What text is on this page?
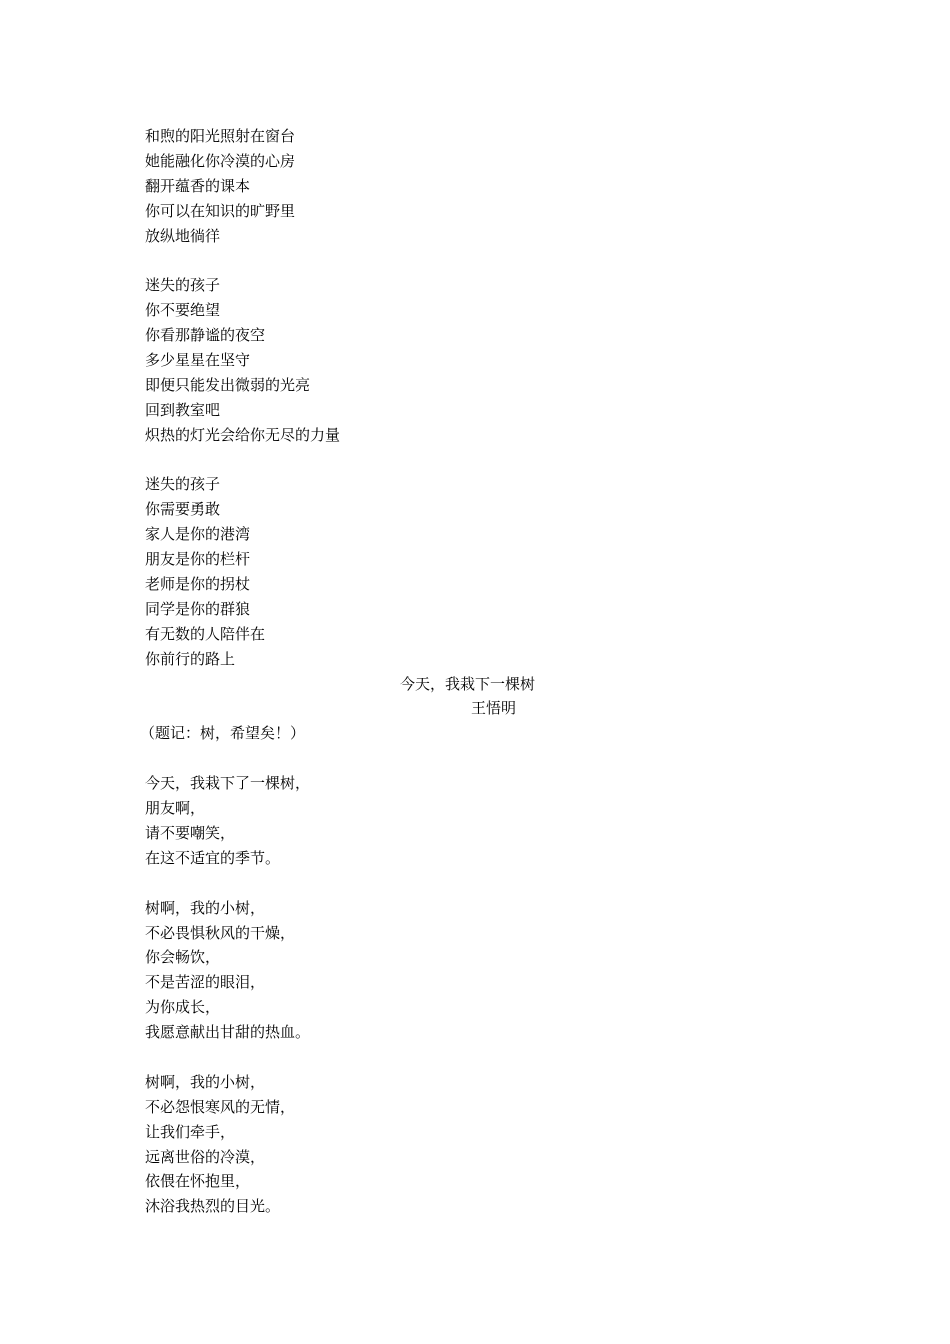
和煦的阳光照射在窗台
她能融化你冷漠的心房
翻开蕴香的课本
你可以在知识的旷野里
放纵地徜徉
迷失的孩子
你不要绝望
你看那静谧的夜空
多少星星在坚守
即便只能发出微弱的光亮
回到教室吧
炽热的灯光会给你无尽的力量
迷失的孩子
你需要勇敢
家人是你的港湾
朋友是你的栏杆
老师是你的拐杖
同学是你的群狼
有无数的人陪伴在
你前行的路上
今天，我栽下一棵树
王悟明
（题记：树，希望矣！）
今天，我栽下了一棵树，
朋友啊，
请不要嘲笑，
在这不适宜的季节。
树啊，我的小树，
不必畏惧秋风的干燥，
你会畅饮，
不是苦涩的眼泪，
为你成长，
我愿意献出甘甜的热血。
树啊，我的小树，
不必怨恨寒风的无情，
让我们牵手，
远离世俗的冷漠，
依偎在怀抱里，
沐浴我热烈的目光。
